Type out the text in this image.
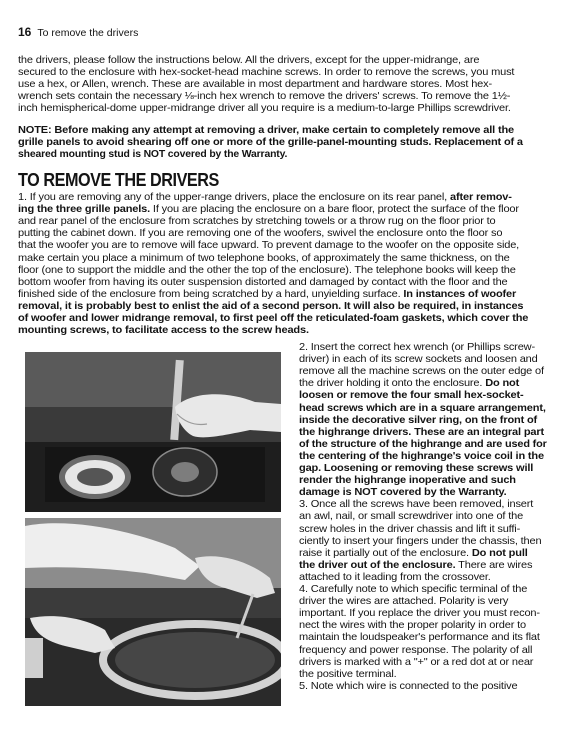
16 To remove the drivers
the drivers, please follow the instructions below. All the drivers, except for the upper-midrange, are
secured to the enclosure with hex-socket-head machine screws. In order to remove the screws, you must
use a hex, or Allen, wrench. These are available in most department and hardware stores. Most hex-
wrench sets contain the necessary ⅛-inch hex wrench to remove the drivers' screws. To remove the 1½-
inch hemispherical-dome upper-midrange driver all you require is a medium-to-large Phillips screwdriver.
NOTE: Before making any attempt at removing a driver, make certain to completely remove all the
grille panels to avoid shearing off one or more of the grille-panel-mounting studs. Replacement of a
sheared mounting stud is NOT covered by the Warranty.
TO REMOVE THE DRIVERS
1. If you are removing any of the upper-range drivers, place the enclosure on its rear panel, after remov-
ing the three grille panels. If you are placing the enclosure on a bare floor, protect the surface of the floor
and rear panel of the enclosure from scratches by stretching towels or a throw rug on the floor prior to
putting the cabinet down. If you are removing one of the woofers, swivel the enclosure onto the floor so
that the woofer you are to remove will face upward. To prevent damage to the woofer on the opposite side,
make certain you place a minimum of two telephone books, of approximately the same thickness, on the
floor (one to support the middle and the other the top of the enclosure). The telephone books will keep the
bottom woofer from having its outer suspension distorted and damaged by contact with the floor and the
finished side of the enclosure from being scratched by a hard, unyielding surface. In instances of woofer
removal, it is probably best to enlist the aid of a second person. It will also be required, in instances
of woofer and lower midrange removal, to first peel off the reticulated-foam gaskets, which cover the
mounting screws, to facilitate access to the screw heads.
2. Insert the correct hex wrench (or Phillips screw-
driver) in each of its screw sockets and loosen and
remove all the machine screws on the outer edge of
the driver holding it onto the enclosure. Do not
loosen or remove the four small hex-socket-
head screws which are in a square arrangement,
inside the decorative silver ring, on the front of
the highrange drivers. These are an integral part
of the structure of the highrange and are used for
the centering of the highrange's voice coil in the
gap. Loosening or removing these screws will
render the highrange inoperative and such
damage is NOT covered by the Warranty.
3. Once all the screws have been removed, insert
an awl, nail, or small screwdriver into one of the
screw holes in the driver chassis and lift it suffi-
ciently to insert your fingers under the chassis, then
raise it partially out of the enclosure. Do not pull
the driver out of the enclosure. There are wires
attached to it leading from the crossover.
4. Carefully note to which specific terminal of the
driver the wires are attached. Polarity is very
important. If you replace the driver you must recon-
nect the wires with the proper polarity in order to
maintain the loudspeaker's performance and its flat
frequency and power response. The polarity of all
drivers is marked with a "+" or a red dot at or near
the positive terminal.
5. Note which wire is connected to the positive
